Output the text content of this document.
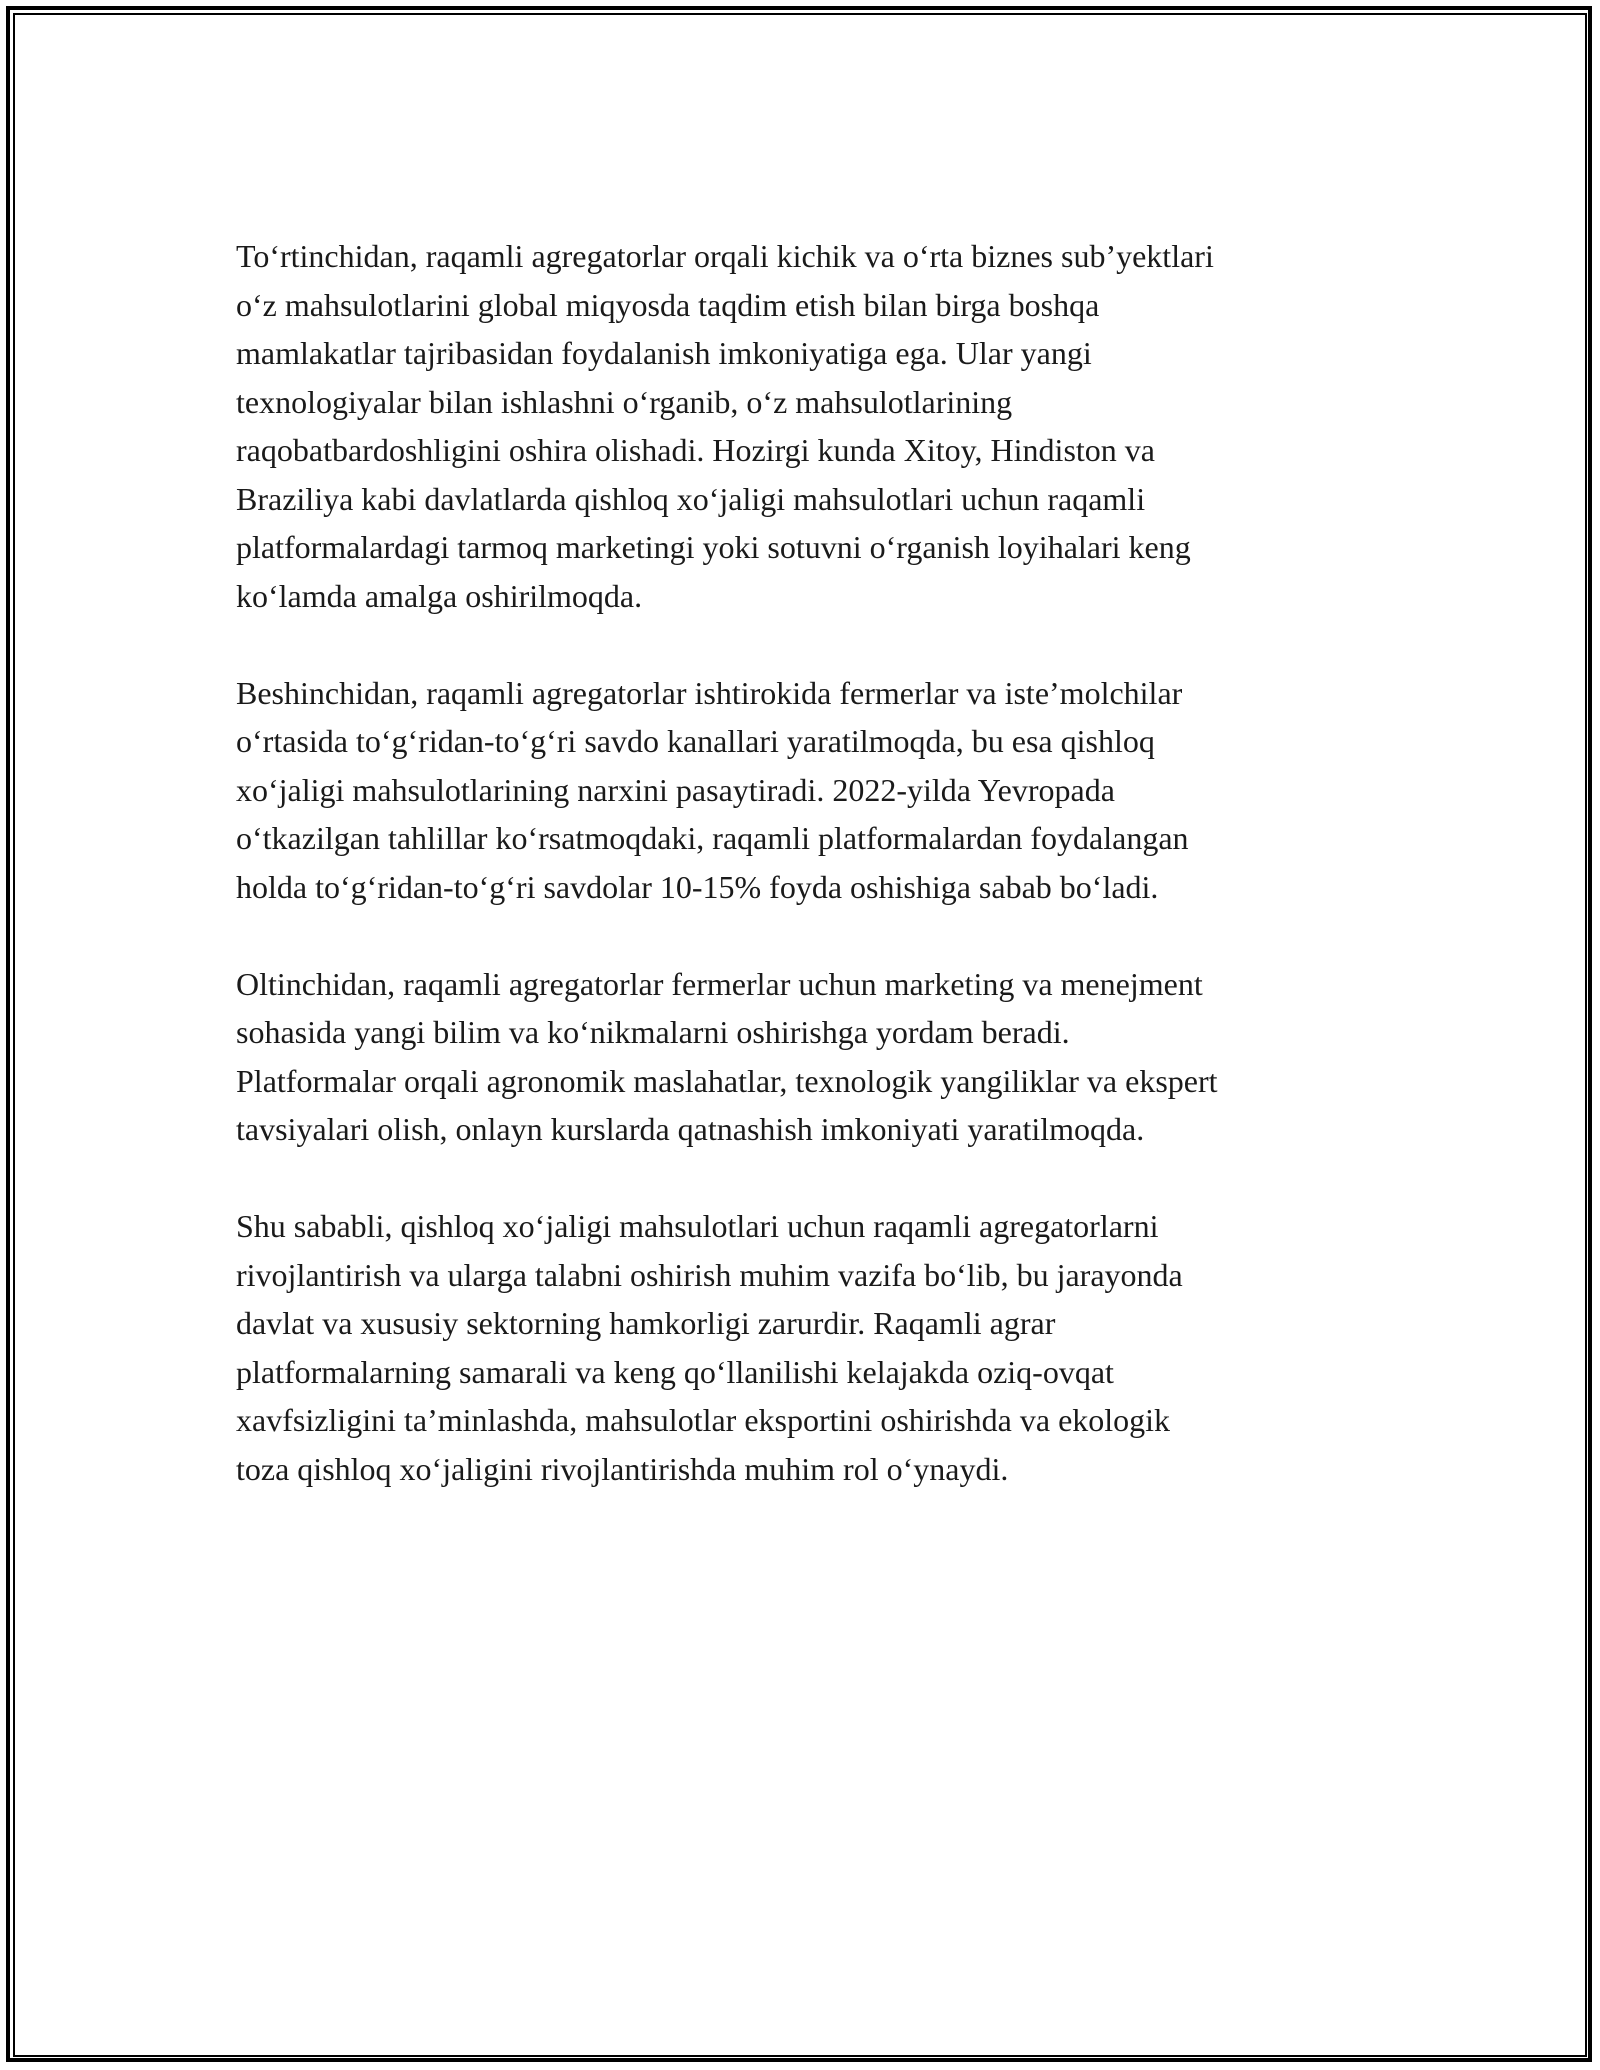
To‘rtinchidan, raqamli agregatorlar orqali kichik va o‘rta biznes sub’yektlari
o‘z mahsulotlarini global miqyosda taqdim etish bilan birga boshqa
mamlakatlar tajribasidan foydalanish imkoniyatiga ega. Ular yangi
texnologiyalar bilan ishlashni o‘rganib, o‘z mahsulotlarining
raqobatbardoshligini oshira olishadi. Hozirgi kunda Xitoy, Hindiston va
Braziliya kabi davlatlarda qishloq xo‘jaligi mahsulotlari uchun raqamli
platformalardagi tarmoq marketingi yoki sotuvni o‘rganish loyihalari keng
ko‘lamda amalga oshirilmoqda.

Beshinchidan, raqamli agregatorlar ishtirokida fermerlar va iste’molchilar
o‘rtasida to‘g‘ridan-to‘g‘ri savdo kanallari yaratilmoqda, bu esa qishloq
xo‘jaligi mahsulotlarining narxini pasaytiradi. 2022-yilda Yevropada
o‘tkazilgan tahlillar ko‘rsatmoqdaki, raqamli platformalardan foydalangan
holda to‘g‘ridan-to‘g‘ri savdolar 10-15% foyda oshishiga sabab bo‘ladi.

Oltinchidan, raqamli agregatorlar fermerlar uchun marketing va menejment
sohasida yangi bilim va ko‘nikmalarni oshirishga yordam beradi.
Platformalar orqali agronomik maslahatlar, texnologik yangiliklar va ekspert
tavsiyalari olish, onlayn kurslarda qatnashish imkoniyati yaratilmoqda.

Shu sababli, qishloq xo‘jaligi mahsulotlari uchun raqamli agregatorlarni
rivojlantirish va ularga talabni oshirish muhim vazifa bo‘lib, bu jarayonda
davlat va xususiy sektorning hamkorligi zarurdir. Raqamli agrar
platformalarning samarali va keng qo‘llanilishi kelajakda oziq-ovqat
xavfsizligini ta’minlashda, mahsulotlar eksportini oshirishda va ekologik
toza qishloq xo‘jaligini rivojlantirishda muhim rol o‘ynaydi.
